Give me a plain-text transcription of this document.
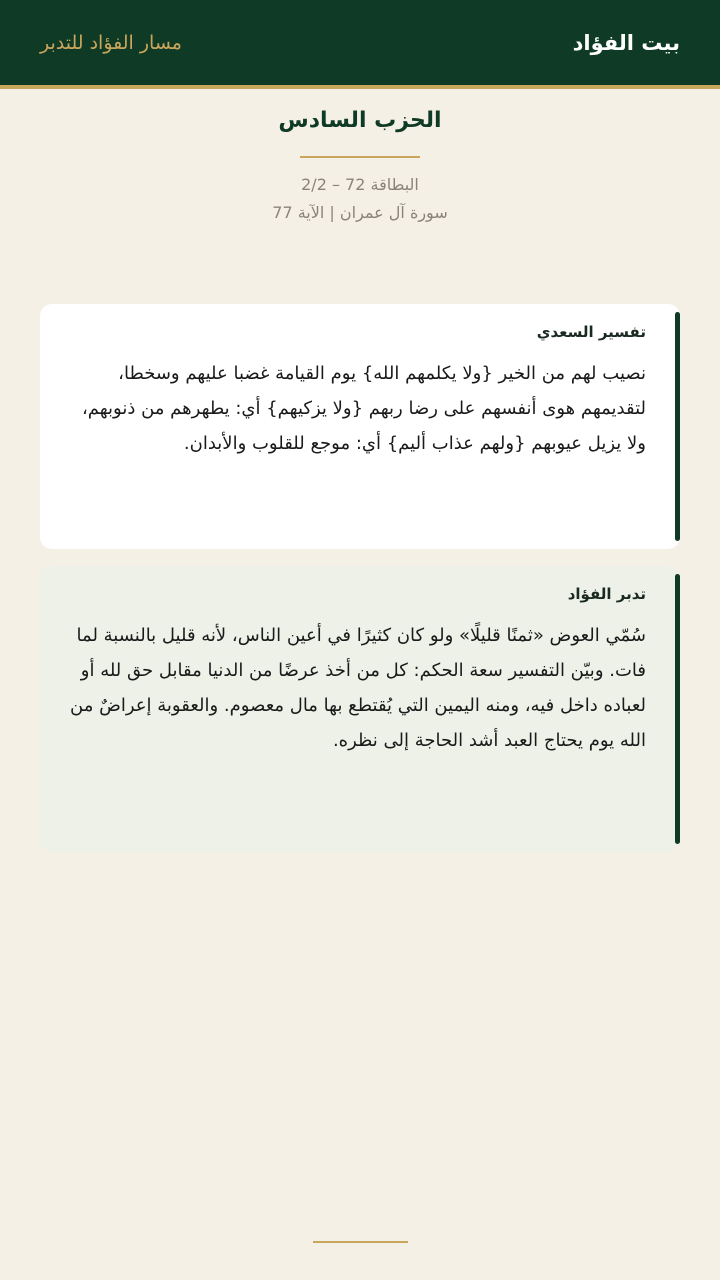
بيت الفؤاد
مسار الفؤاد للتدبر
الحزب السادس
البطاقة 72 – 2/2
سورة آل عمران | الآية 77
تفسير السعدي

نصيب لهم من الخير {ولا يكلمهم الله} يوم القيامة غضبا عليهم وسخطا، لتقديمهم هوى أنفسهم على رضا ربهم {ولا يزكيهم} أي: يطهرهم من ذنوبهم، ولا يزيل عيوبهم {ولهم عذاب أليم} أي: موجع للقلوب والأبدان.

تدبر الفؤاد

سُمّي العوض «ثمنًا قليلًا» ولو كان كثيرًا في أعين الناس، لأنه قليل بالنسبة لما فات. وبيّن التفسير سعة الحكم: كل من أخذ عرضًا من الدنيا مقابل حق لله أو لعباده داخل فيه، ومنه اليمين التي يُقتطع بها مال معصوم. والعقوبة إعراضٌ من الله يوم يحتاج العبد أشد الحاجة إلى نظره.
